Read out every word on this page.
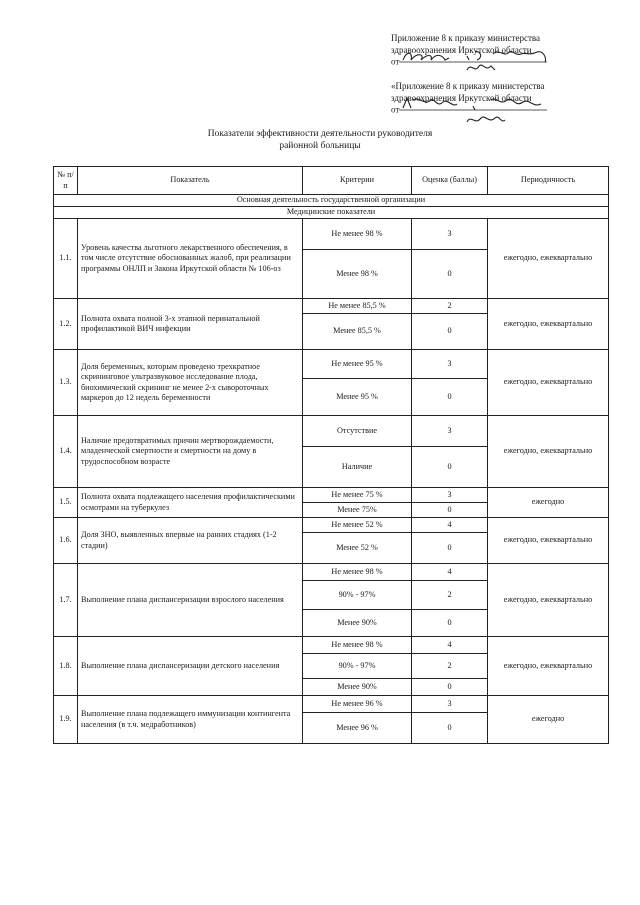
Приложение 8 к приказу министерства
здравоохранения Иркутской области
от
«Приложение 8 к приказу министерства
здравоохранения Иркутской области
от
Показатели эффективности деятельности руководителя
районной больницы
№ п/п	Показатель	Критерии	Оценка (баллы)	Периодичность
Основная деятельность государственной организации				
Медицинские показатели				
1.1.	Уровень качества льготного лекарственного обеспечения, в том числе отсутствие обоснованных жалоб, при реализации программы ОНЛП и Закона Иркутской области № 106-оз	Не менее 98 %	3	ежегодно, ежеквартально
		Менее 98 %	0	
1.2.	Полнота охвата полной 3-х этапной перинатальной профилактикой ВИЧ инфекции	Не менее 85,5 %	2	ежегодно, ежеквартально
		Менее 85,5 %	0	
1.3.	Доля беременных, которым проведено трехкратное скрининговое ультразвуковое исследование плода, биохимический скрининг не менее 2-х сывороточных маркеров до 12 недель беременности	Не менее 95 %	3	ежегодно, ежеквартально
		Менее 95 %	0	
1.4.	Наличие предотвратимых причин мертворождаемости, младенческой смертности и смертности на дому в трудоспособном возрасте	Отсутствие	3	ежегодно, ежеквартально
		Наличие	0	
1.5.	Полнота охвата подлежащего населения профилактическими осмотрами на туберкулез	Не менее 75 %	3	ежегодно
		Менее 75%	0	
1.6.	Доля ЗНО, выявленных впервые на ранних стадиях (1-2 стадии)	Не менее 52 %	4	ежегодно, ежеквартально
		Менее 52 %	0	
1.7.	Выполнение плана диспансеризации взрослого населения	Не менее 98 %	4	ежегодно, ежеквартально
		90% - 97%	2	
		Менее 90%	0	
1.8.	Выполнение плана диспансеризации детского населения	Не менее 98 %	4	ежегодно, ежеквартально
		90% - 97%	2	
		Менее 90%	0	
1.9.	Выполнение плана подлежащего иммунизации контингента населения (в т.ч. медработников)	Не менее 96 %	3	ежегодно
		Менее 96 %	0	
